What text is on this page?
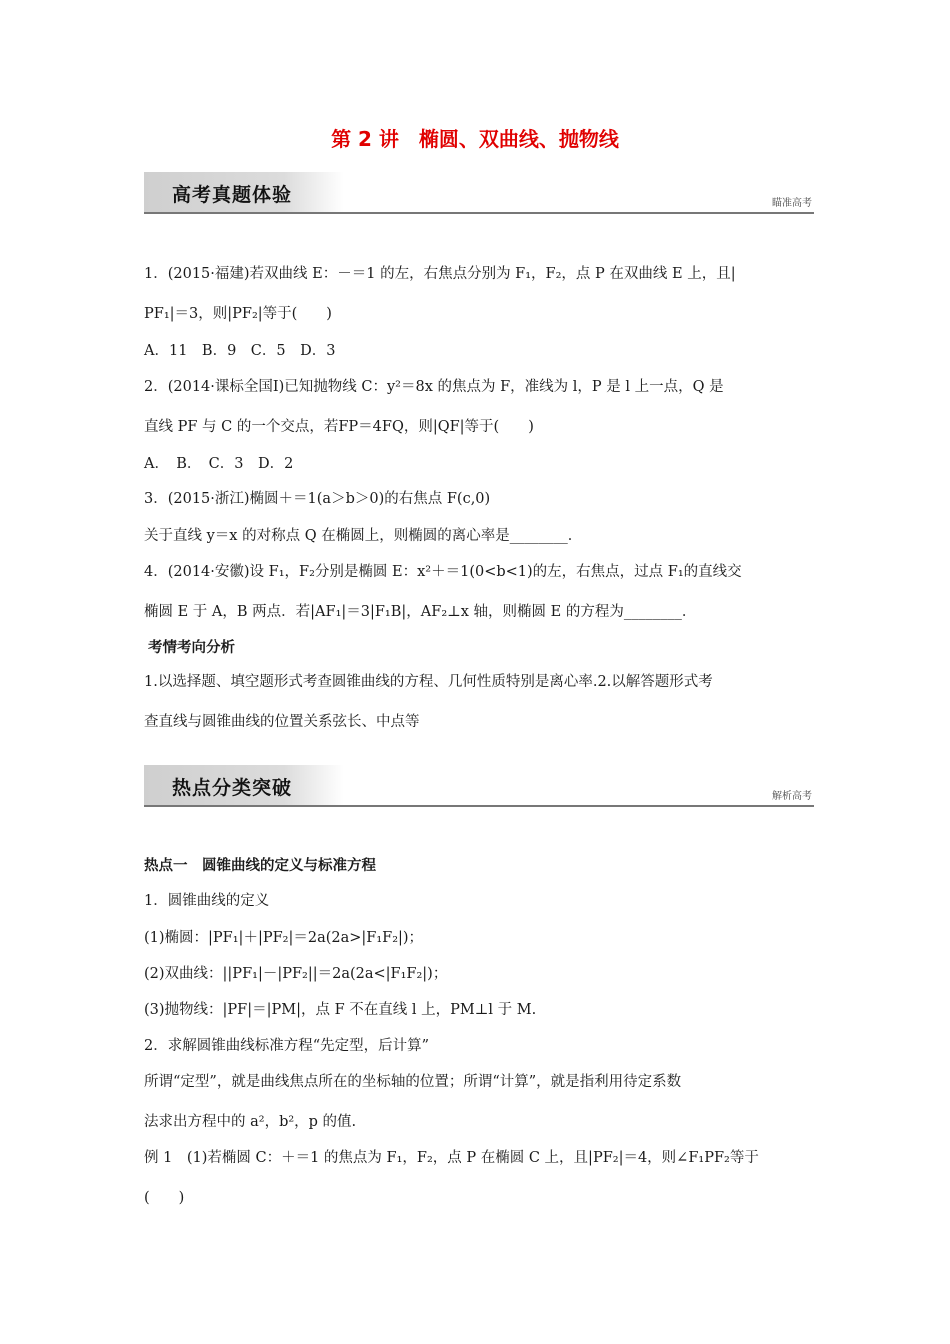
第 2 讲　椭圆、双曲线、抛物线
高考真题体验	瞄准高考
1．(2015·福建)若双曲线 E：－＝1 的左，右焦点分别为 F₁，F₂，点 P 在双曲线 E 上，且|
PF₁|＝3，则|PF₂|等于(　　)
A．11　B．9　C．5　D．3
2．(2014·课标全国Ⅰ)已知抛物线 C：y²＝8x 的焦点为 F，准线为 l，P 是 l 上一点，Q 是
直线 PF 与 C 的一个交点，若FP＝4FQ，则|QF|等于(　　)
A．　B．　C．3　D．2
3．(2015·浙江)椭圆＋＝1(a＞b＞0)的右焦点 F(c,0)
关于直线 y＝x 的对称点 Q 在椭圆上，则椭圆的离心率是________．
4．(2014·安徽)设 F₁，F₂分别是椭圆 E：x²＋＝1(0<b<1)的左，右焦点，过点 F₁的直线交
椭圆 E 于 A，B 两点．若|AF₁|＝3|F₁B|，AF₂⊥x 轴，则椭圆 E 的方程为________．
考情考向分析
1.以选择题、填空题形式考查圆锥曲线的方程、几何性质特别是离心率.2.以解答题形式考
查直线与圆锥曲线的位置关系弦长、中点等
热点分类突破	解析高考
热点一　圆锥曲线的定义与标准方程
1．圆锥曲线的定义
(1)椭圆：|PF₁|＋|PF₂|＝2a(2a>|F₁F₂|)；
(2)双曲线：||PF₁|－|PF₂||＝2a(2a<|F₁F₂|)；
(3)抛物线：|PF|＝|PM|，点 F 不在直线 l 上，PM⊥l 于 M.
2．求解圆锥曲线标准方程“先定型，后计算”
所谓“定型”，就是曲线焦点所在的坐标轴的位置；所谓“计算”，就是指利用待定系数
法求出方程中的 a²，b²，p 的值.
例 1　(1)若椭圆 C：＋＝1 的焦点为 F₁，F₂，点 P 在椭圆 C 上，且|PF₂|＝4，则∠F₁PF₂等于
(　　)
